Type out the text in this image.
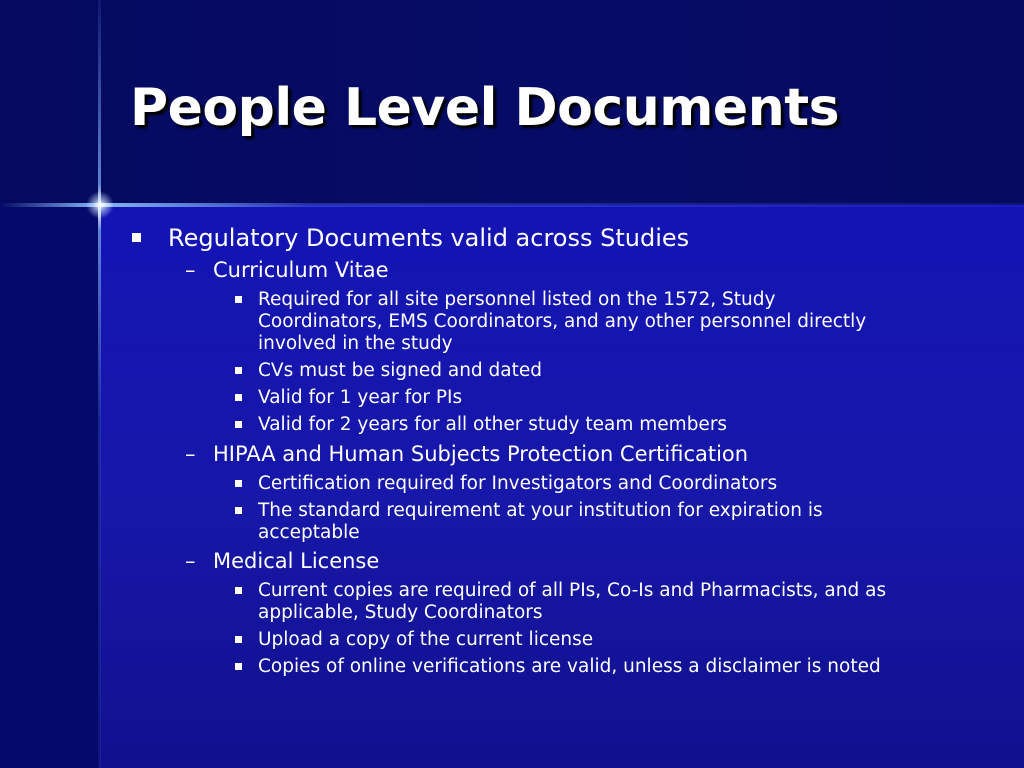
People Level Documents
Regulatory Documents valid across Studies
– Curriculum Vitae
Required for all site personnel listed on the 1572, Study
Coordinators, EMS Coordinators, and any other personnel directly
involved in the study
CVs must be signed and dated
Valid for 1 year for PIs
Valid for 2 years for all other study team members
– HIPAA and Human Subjects Protection Certification
Certification required for Investigators and Coordinators
The standard requirement at your institution for expiration is
acceptable
– Medical License
Current copies are required of all PIs, Co-Is and Pharmacists, and as
applicable, Study Coordinators
Upload a copy of the current license
Copies of online verifications are valid, unless a disclaimer is noted
